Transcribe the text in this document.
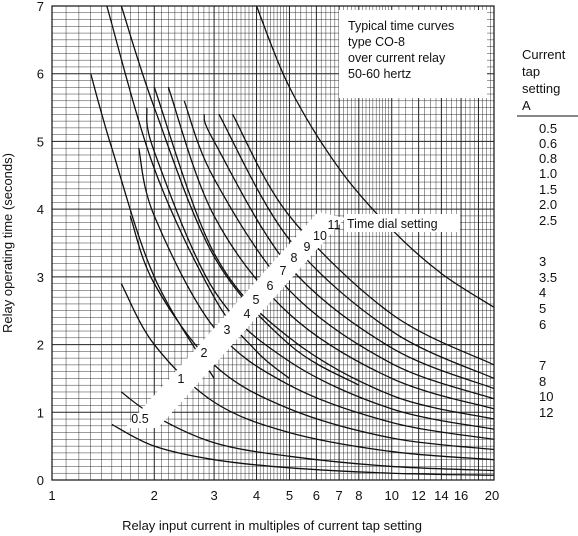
0.5
1
2
3
4
5
6
7
8
9
10
11
1	2	3	4 5 6 7 8 10 12 14 16 20
0
1
2
3
4
5
6
7
Relay input current in multiples of current tap setting
Relay operating time (seconds)
Typical time curves
type CO-8
over current relay
50-60 hertz
Time dial setting
Current
tap
setting
A
0.5
0.6
0.8
1.0
1.5
2.0
2.5
3
3.5
4
5
6
7
8
10
12
